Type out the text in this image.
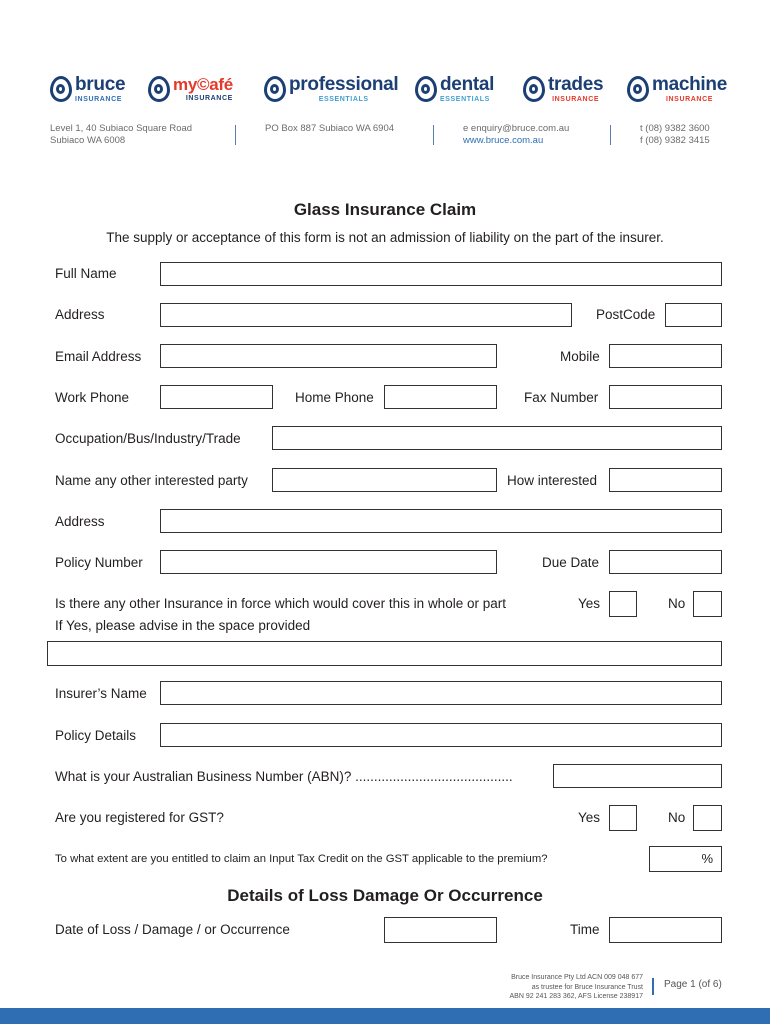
bruce
INSURANCE
my©afé
INSURANCE
professional
ESSENTIALS
dental
ESSENTIALS
trades
INSURANCE
machine
INSURANCE
Level 1, 40 Subiaco Square Road
Subiaco WA 6008
PO Box 887 Subiaco WA 6904	e enquiry@bruce.com.au
www.bruce.com.au
t (08) 9382 3600
f (08) 9382 3415
Glass Insurance Claim
The supply or acceptance of this form is not an admission of liability on the part of the insurer.
Full Name
Address	PostCode
Email Address	Mobile
Work Phone	Home Phone	Fax Number
Occupation/Bus/Industry/Trade
Name any other interested party	How interested
Address
Policy Number	Due Date
Is there any other Insurance in force which would cover this in whole or part	Yes	No
If Yes, please advise in the space provided
Insurer’s Name
Policy Details
What is your Australian Business Number (ABN)? ..........................................
Are you registered for GST?	Yes	No
To what extent are you entitled to claim an Input Tax Credit on the GST applicable to the premium?	%
Details of Loss Damage Or Occurrence
Date of Loss / Damage / or Occurrence	Time
Bruce Insurance Pty Ltd ACN 009 048 677
as trustee for Bruce Insurance Trust
ABN 92 241 283 362, AFS License 238917
Page 1 (of 6)
